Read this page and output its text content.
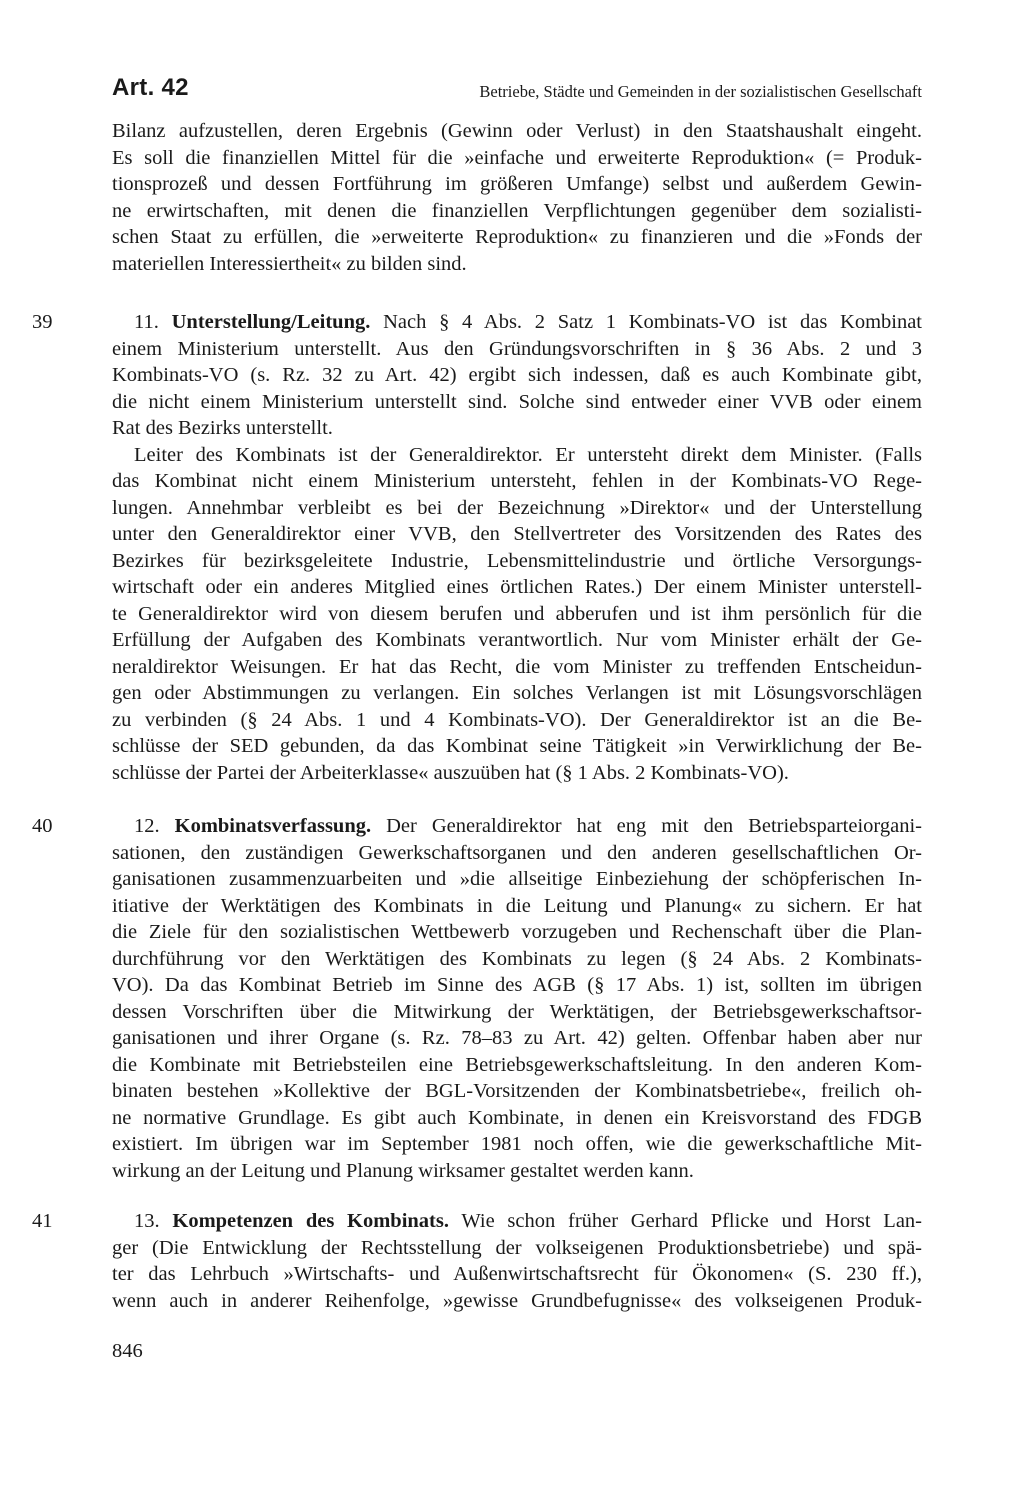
Art. 42	Betriebe, Städte und Gemeinden in der sozialistischen Gesellschaft
Bilanz aufzustellen, deren Ergebnis (Gewinn oder Verlust) in den Staatshaushalt eingeht.
Es soll die finanziellen Mittel für die »einfache und erweiterte Reproduktion« (= Produk-
tionsprozeß und dessen Fortführung im größeren Umfange) selbst und außerdem Gewin-
ne erwirtschaften, mit denen die finanziellen Verpflichtungen gegenüber dem sozialisti-
schen Staat zu erfüllen, die »erweiterte Reproduktion« zu finanzieren und die »Fonds der
materiellen Interessiertheit« zu bilden sind.
39	11. Unterstellung/Leitung. Nach § 4 Abs. 2 Satz 1 Kombinats-VO ist das Kombinat
einem Ministerium unterstellt. Aus den Gründungsvorschriften in § 36 Abs. 2 und 3
Kombinats-VO (s. Rz. 32 zu Art. 42) ergibt sich indessen, daß es auch Kombinate gibt,
die nicht einem Ministerium unterstellt sind. Solche sind entweder einer VVB oder einem
Rat des Bezirks unterstellt.
Leiter des Kombinats ist der Generaldirektor. Er untersteht direkt dem Minister. (Falls
das Kombinat nicht einem Ministerium untersteht, fehlen in der Kombinats-VO Rege-
lungen. Annehmbar verbleibt es bei der Bezeichnung »Direktor« und der Unterstellung
unter den Generaldirektor einer VVB, den Stellvertreter des Vorsitzenden des Rates des
Bezirkes für bezirksgeleitete Industrie, Lebensmittelindustrie und örtliche Versorgungs-
wirtschaft oder ein anderes Mitglied eines örtlichen Rates.) Der einem Minister unterstell-
te Generaldirektor wird von diesem berufen und abberufen und ist ihm persönlich für die
Erfüllung der Aufgaben des Kombinats verantwortlich. Nur vom Minister erhält der Ge-
neraldirektor Weisungen. Er hat das Recht, die vom Minister zu treffenden Entscheidun-
gen oder Abstimmungen zu verlangen. Ein solches Verlangen ist mit Lösungsvorschlägen
zu verbinden (§ 24 Abs. 1 und 4 Kombinats-VO). Der Generaldirektor ist an die Be-
schlüsse der SED gebunden, da das Kombinat seine Tätigkeit »in Verwirklichung der Be-
schlüsse der Partei der Arbeiterklasse« auszuüben hat (§ 1 Abs. 2 Kombinats-VO).
40	12. Kombinatsverfassung. Der Generaldirektor hat eng mit den Betriebsparteiorgani-
sationen, den zuständigen Gewerkschaftsorganen und den anderen gesellschaftlichen Or-
ganisationen zusammenzuarbeiten und »die allseitige Einbeziehung der schöpferischen In-
itiative der Werktätigen des Kombinats in die Leitung und Planung« zu sichern. Er hat
die Ziele für den sozialistischen Wettbewerb vorzugeben und Rechenschaft über die Plan-
durchführung vor den Werktätigen des Kombinats zu legen (§ 24 Abs. 2 Kombinats-
VO). Da das Kombinat Betrieb im Sinne des AGB (§ 17 Abs. 1) ist, sollten im übrigen
dessen Vorschriften über die Mitwirkung der Werktätigen, der Betriebsgewerkschaftsor-
ganisationen und ihrer Organe (s. Rz. 78–83 zu Art. 42) gelten. Offenbar haben aber nur
die Kombinate mit Betriebsteilen eine Betriebsgewerkschaftsleitung. In den anderen Kom-
binaten bestehen »Kollektive der BGL-Vorsitzenden der Kombinatsbetriebe«, freilich oh-
ne normative Grundlage. Es gibt auch Kombinate, in denen ein Kreisvorstand des FDGB
existiert. Im übrigen war im September 1981 noch offen, wie die gewerkschaftliche Mit-
wirkung an der Leitung und Planung wirksamer gestaltet werden kann.
41	13. Kompetenzen des Kombinats. Wie schon früher Gerhard Pflicke und Horst Lan-
ger (Die Entwicklung der Rechtsstellung der volkseigenen Produktionsbetriebe) und spä-
ter das Lehrbuch »Wirtschafts- und Außenwirtschaftsrecht für Ökonomen« (S. 230 ff.),
wenn auch in anderer Reihenfolge, »gewisse Grundbefugnisse« des volkseigenen Produk-
846
